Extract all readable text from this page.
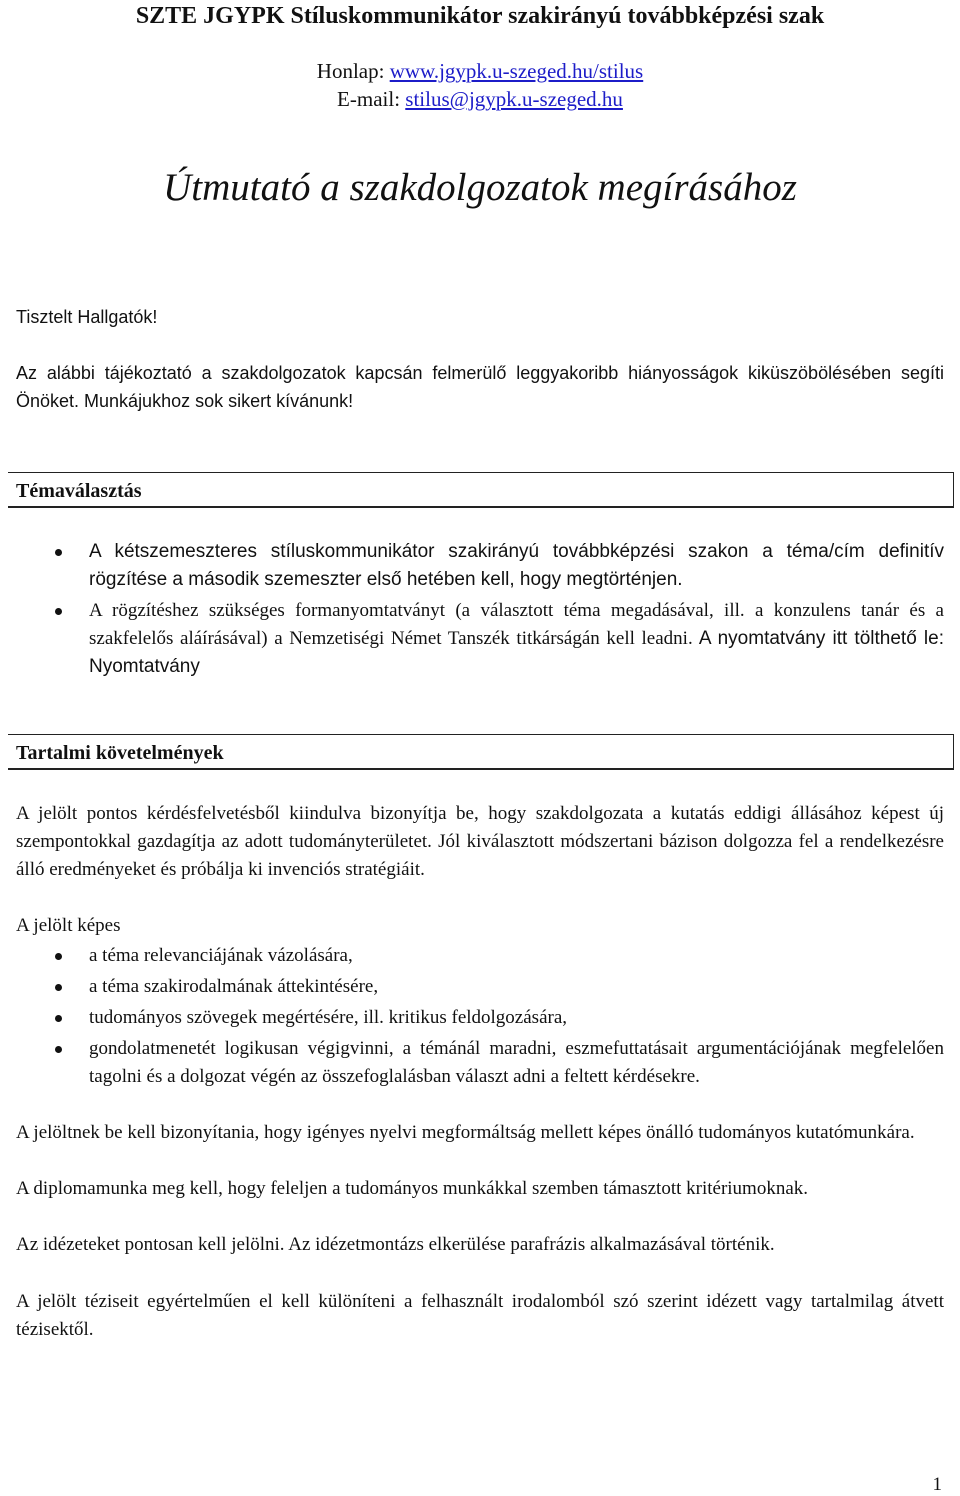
SZTE JGYPK Stíluskommunikátor szakirányú továbbképzési szak
Honlap: www.jgypk.u-szeged.hu/stilus
E-mail: stilus@jgypk.u-szeged.hu
Útmutató a szakdolgozatok megírásához
Tisztelt Hallgatók!
Az alábbi tájékoztató a szakdolgozatok kapcsán felmerülő leggyakoribb hiányosságok kiküszöbölésében segíti Önöket. Munkájukhoz sok sikert kívánunk!
Témaválasztás
A kétszemeszteres stíluskommunikátor szakirányú továbbképzési szakon a téma/cím definitív rögzítése a második szemeszter első hetében kell, hogy megtörténjen.
A rögzítéshez szükséges formanyomtatványt (a választott téma megadásával, ill. a konzulens tanár és a szakfelelős aláírásával) a Nemzetiségi Német Tanszék titkárságán kell leadni. A nyomtatvány itt tölthető le: Nyomtatvány
Tartalmi követelmények
A jelölt pontos kérdésfelvetésből kiindulva bizonyítja be, hogy szakdolgozata a kutatás eddigi állásához képest új szempontokkal gazdagítja az adott tudományterületet. Jól kiválasztott módszertani bázison dolgozza fel a rendelkezésre álló eredményeket és próbálja ki invenciós stratégiáit.
A jelölt képes
a téma relevanciájának vázolására,
a téma szakirodalmának áttekintésére,
tudományos szövegek megértésére, ill. kritikus feldolgozására,
gondolatmenetét logikusan végigvinni, a témánál maradni, eszmefuttatásait argumentációjának megfelelően tagolni és a dolgozat végén az összefoglalásban választ adni a feltett kérdésekre.
A jelöltnek be kell bizonyítania, hogy igényes nyelvi megformáltság mellett képes önálló tudományos kutatómunkára.
A diplomamunka meg kell, hogy feleljen a tudományos munkákkal szemben támasztott kritériumoknak.
Az idézeteket pontosan kell jelölni. Az idézetmontázs elkerülése parafrázis alkalmazásával történik.
A jelölt téziseit egyértelműen el kell különíteni a felhasznált irodalomból szó szerint idézett vagy tartalmilag átvett tézisektől.
1
